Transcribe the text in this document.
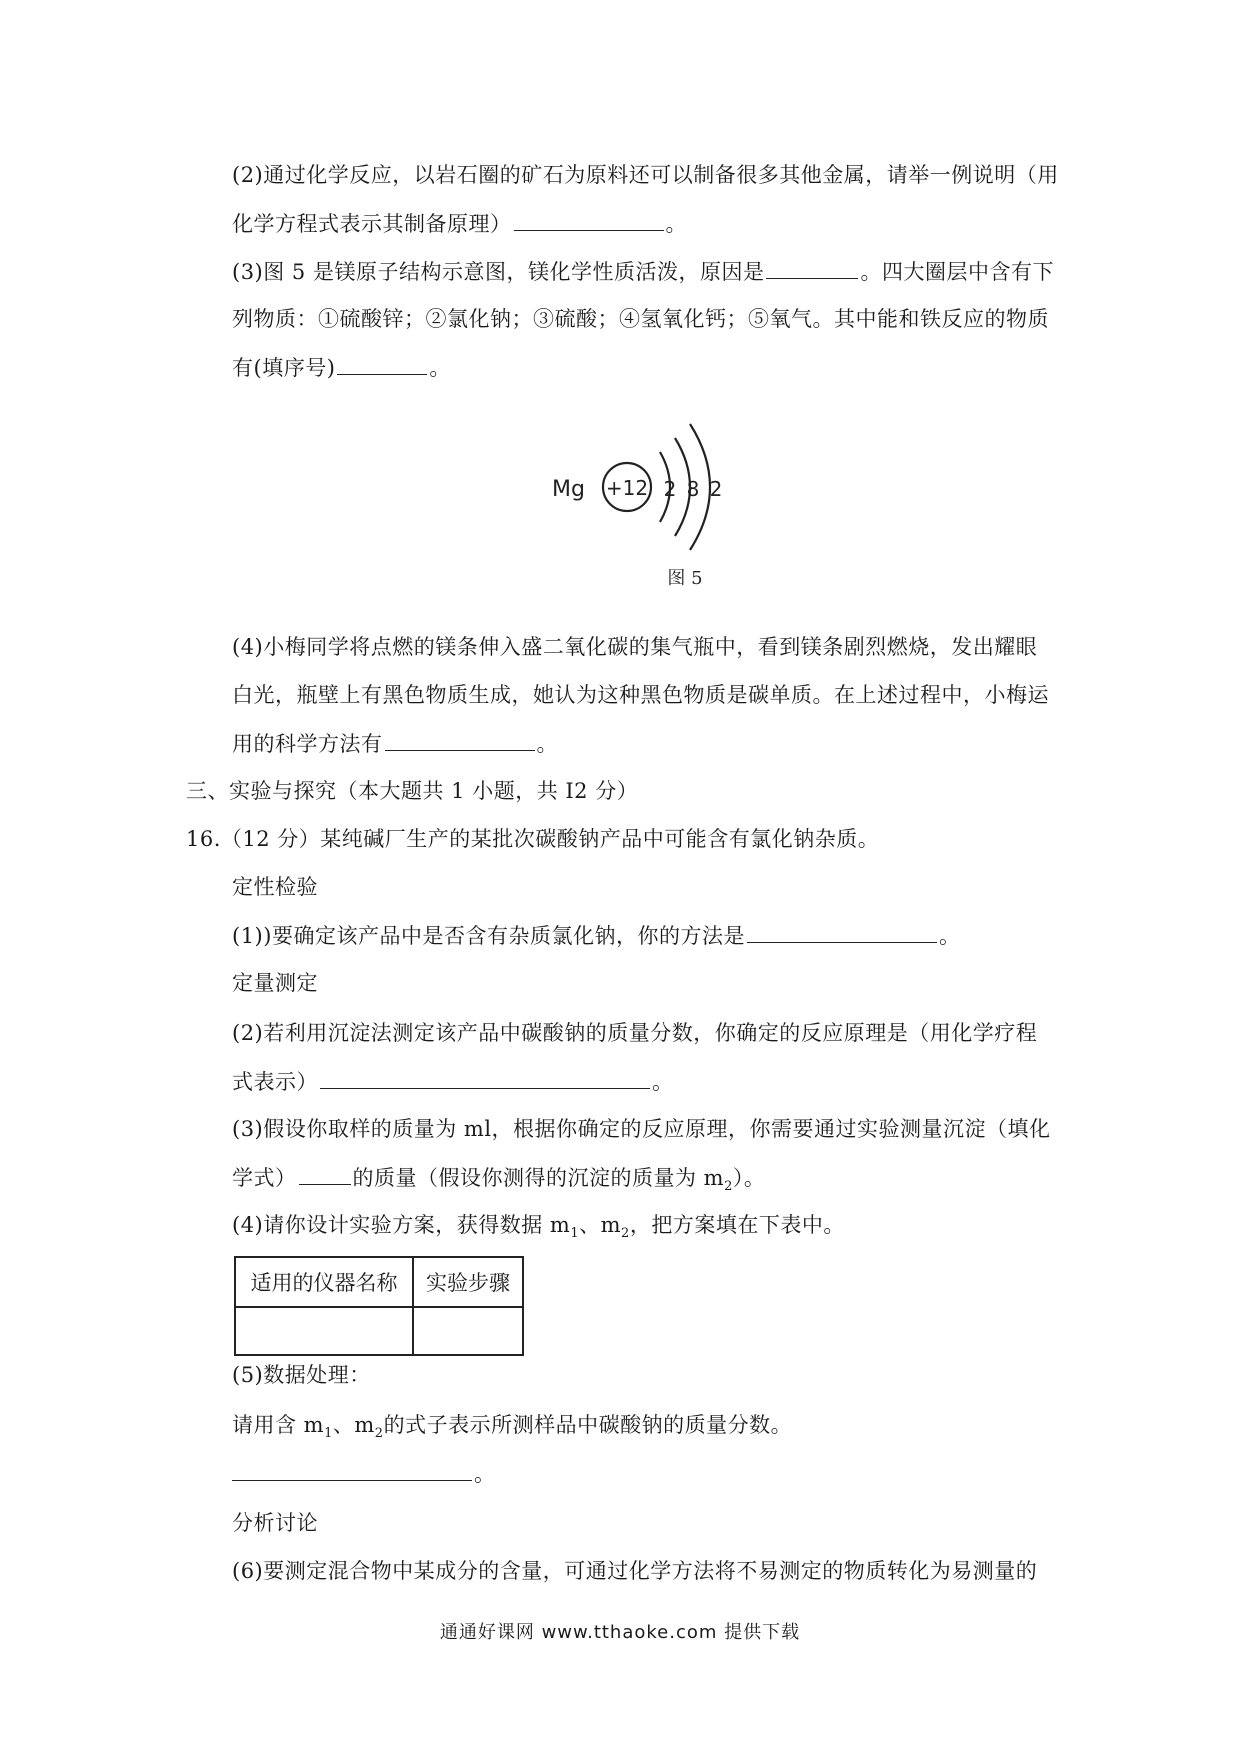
(2)通过化学反应，以岩石圈的矿石为原料还可以制备很多其他金属，请举一例说明（用
化学方程式表示其制备原理）	。
(3)图 5 是镁原子结构示意图，镁化学性质活泼，原因是	。四大圈层中含有下
列物质：①硫酸锌；②氯化钠；③硫酸；④氢氧化钙；⑤氧气。其中能和铁反应的物质
有(填序号)	。
Mg +12 2 8 2
图 5
(4)小梅同学将点燃的镁条伸入盛二氧化碳的集气瓶中，看到镁条剧烈燃烧，发出耀眼
白光，瓶壁上有黑色物质生成，她认为这种黑色物质是碳单质。在上述过程中，小梅运
用的科学方法有	。
三、实验与探究（本大题共 1 小题，共 I2 分）
16.（12 分）某纯碱厂生产的某批次碳酸钠产品中可能含有氯化钠杂质。
定性检验
(1))要确定该产品中是否含有杂质氯化钠，你的方法是	。
定量测定
(2)若利用沉淀法测定该产品中碳酸钠的质量分数，你确定的反应原理是（用化学疗程
式表示）	。
(3)假设你取样的质量为 ml，根据你确定的反应原理，你需要通过实验测量沉淀（填化
学式）	的质量（假设你测得的沉淀的质量为 $m_2$）。
(4)请你设计实验方案，获得数据 $m_1$、$m_2$，把方案填在下表中。
适用的仪器名称	实验步骤

(5)数据处理：
请用含 $m_1$、$m_2$的式子表示所测样品中碳酸钠的质量分数。
。
分析讨论
(6)要测定混合物中某成分的含量，可通过化学方法将不易测定的物质转化为易测量的
通通好课网 www.tthaoke.com 提供下载
